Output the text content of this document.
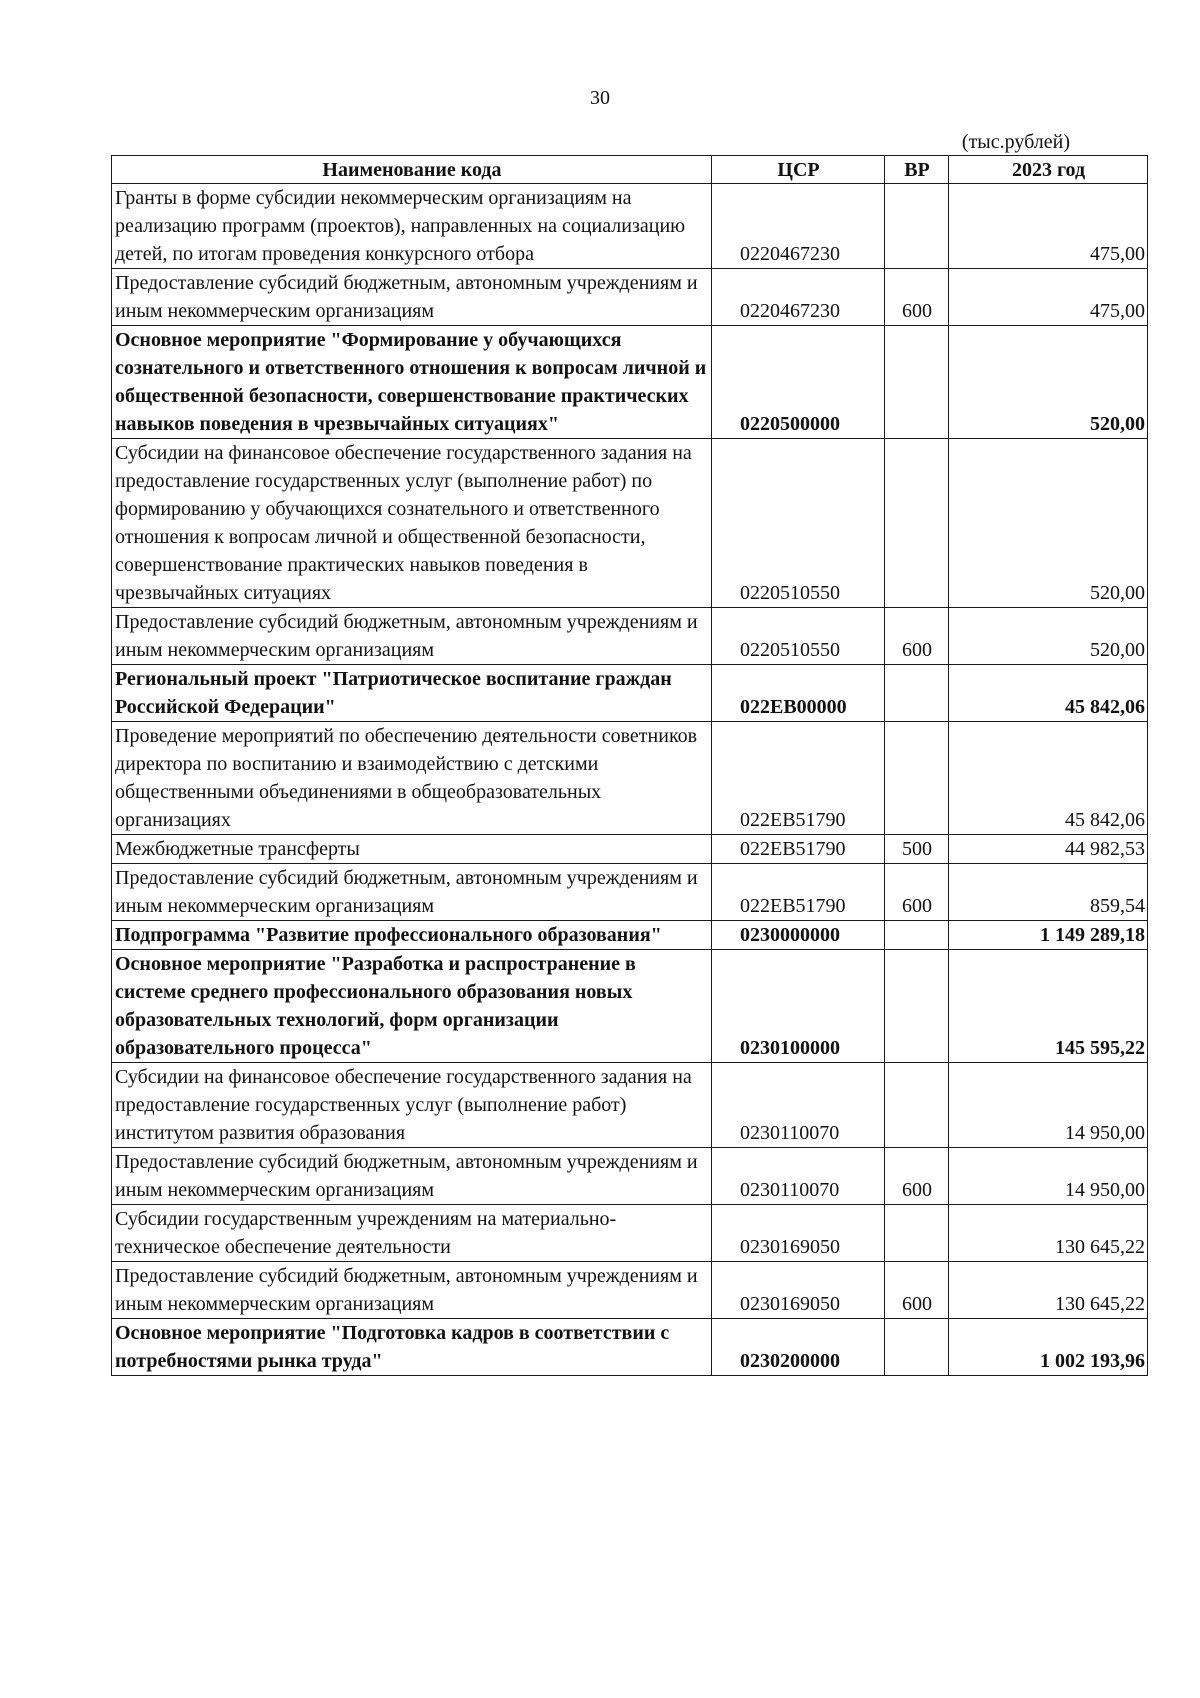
30
(тыс.рублей)
Наименование кода	ЦСР	ВР	2023 год
Гранты в форме субсидии некоммерческим организациям на реализацию программ (проектов), направленных на социализацию детей, по итогам проведения конкурсного отбора	0220467230		475,00
Предоставление субсидий бюджетным, автономным учреждениям и иным некоммерческим организациям	0220467230	600	475,00
Основное мероприятие "Формирование у обучающихся сознательного и ответственного отношения к вопросам личной и общественной безопасности, совершенствование практических навыков поведения в чрезвычайных ситуациях"	0220500000		520,00
Субсидии на финансовое обеспечение государственного задания на предоставление государственных услуг (выполнение работ) по формированию у обучающихся сознательного и ответственного отношения к вопросам личной и общественной безопасности, совершенствование практических навыков поведения в чрезвычайных ситуациях	0220510550		520,00
Предоставление субсидий бюджетным, автономным учреждениям и иным некоммерческим организациям	0220510550	600	520,00
Региональный проект "Патриотическое воспитание граждан Российской Федерации"	022EB00000		45 842,06
Проведение мероприятий по обеспечению деятельности советников директора по воспитанию и взаимодействию с детскими общественными объединениями в общеобразовательных организациях	022EB51790		45 842,06
Межбюджетные трансферты	022EB51790	500	44 982,53
Предоставление субсидий бюджетным, автономным учреждениям и иным некоммерческим организациям	022EB51790	600	859,54
Подпрограмма "Развитие профессионального образования"	0230000000		1 149 289,18
Основное мероприятие "Разработка и распространение в системе среднего профессионального образования новых образовательных технологий, форм организации образовательного процесса"	0230100000		145 595,22
Субсидии на финансовое обеспечение государственного задания на предоставление государственных услуг (выполнение работ) институтом развития образования	0230110070		14 950,00
Предоставление субсидий бюджетным, автономным учреждениям и иным некоммерческим организациям	0230110070	600	14 950,00
Субсидии государственным учреждениям на материально-техническое обеспечение деятельности	0230169050		130 645,22
Предоставление субсидий бюджетным, автономным учреждениям и иным некоммерческим организациям	0230169050	600	130 645,22
Основное мероприятие "Подготовка кадров в соответствии с потребностями рынка труда"	0230200000		1 002 193,96
